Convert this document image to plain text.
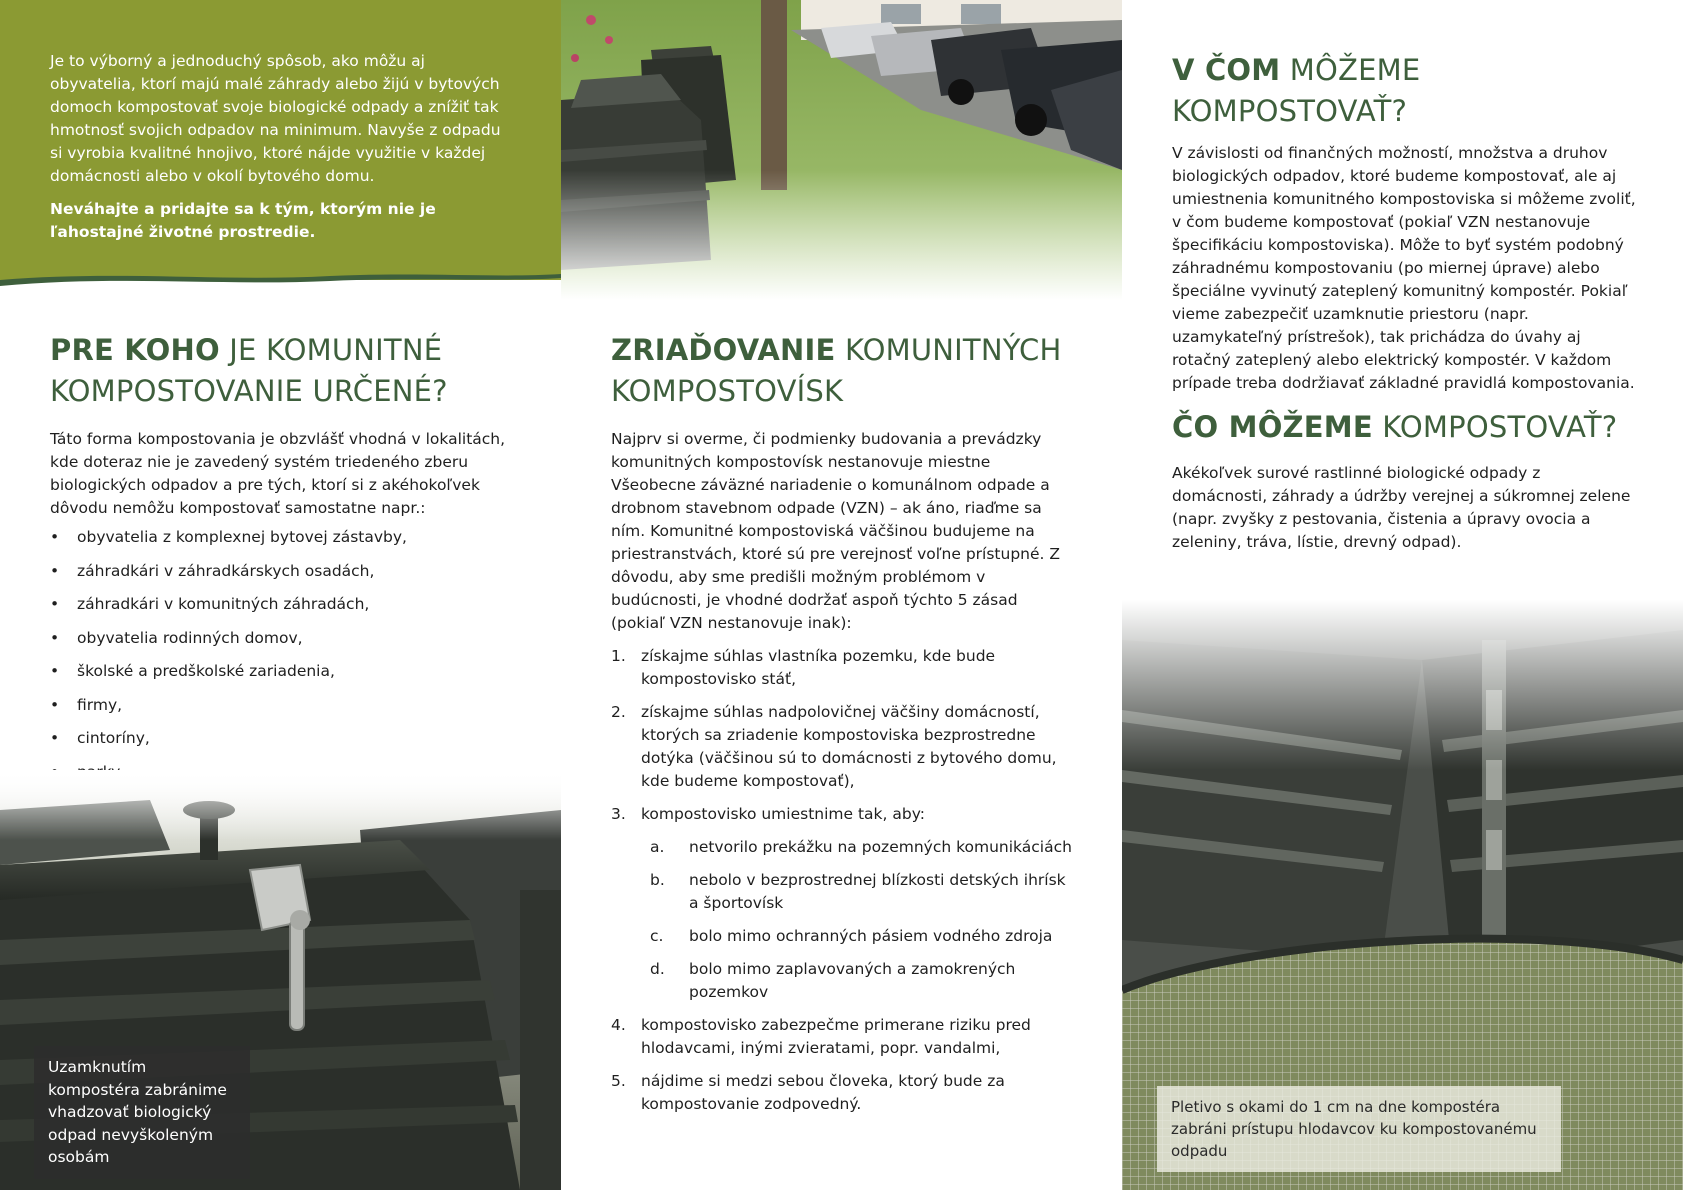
Je to výborný a jednoduchý spôsob, ako môžu aj obyvatelia, ktorí majú malé záhrady alebo žijú v bytových domoch kompostovať svoje biologické odpady a znížiť tak hmotnosť svojich odpadov na minimum. Navyše z odpadu si vyrobia kvalitné hnojivo, ktoré nájde využitie v každej domácnosti alebo v okolí bytového domu.

Neváhajte a pridajte sa k tým, ktorým nie je ľahostajné životné prostredie.

PRE KOHO JE KOMUNITNÉ KOMPOSTOVANIE URČENÉ?

Táto forma kompostovania je obzvlášť vhodná v lokalitách, kde doteraz nie je zavedený systém triedeného zberu biologických odpadov a pre tých, ktorí si z akéhokoľvek dôvodu nemôžu kompostovať samostatne napr.:

• obyvatelia z komplexnej bytovej zástavby,
• záhradkári v záhradkárskych osadách,
• záhradkári v komunitných záhradách,
• obyvatelia rodinných domov,
• školské a predškolské zariadenia,
• firmy,
• cintoríny,
•
Uzamknutím kompostéra zabránime vhadzovať biologický odpad nevyškoleným osobám
ZRIAĎOVANIE KOMUNITNÝCH KOMPOSTOVÍSK

Najprv si overme, či podmienky budovania a prevádzky komunitných kompostovísk nestanovuje miestne Všeobecne záväzné nariadenie o komunálnom odpade a drobnom stavebnom odpade (VZN) – ak áno, riaďme sa ním. Komunitné kompostoviská väčšinou budujeme na priestranstvách, ktoré sú pre verejnosť voľne prístupné. Z dôvodu, aby sme predišli možným problémom v budúcnosti, je vhodné dodržať aspoň týchto 5 zásad (pokiaľ VZN nestanovuje inak):

1. získajme súhlas vlastníka pozemku, kde bude kompostovisko stáť,
2. získajme súhlas nadpolovičnej väčšiny domácností, ktorých sa zriadenie kompostoviska bezprostredne dotýka (väčšinou sú to domácnosti z bytového domu, kde budeme kompostovať),
3. kompostovisko umiestnime tak, aby:
a. netvorilo prekážku na pozemných komunikáciách
b. nebolo v bezprostrednej blízkosti detských ihrísk a športovísk
c. bolo mimo ochranných pásiem vodného zdroja
d. bolo mimo zaplavovaných a zamokrených pozemkov
4. kompostovisko zabezpečme primerane riziku pred hlodavcami, inými zvieratami, popr. vandalmi,
5. nájdime si medzi sebou človeka, ktorý bude za kompostovanie zodpovedný.
V ČOM MÔŽEME KOMPOSTOVAŤ?

V závislosti od finančných možností, množstva a druhov biologických odpadov, ktoré budeme kompostovať, ale aj umiestnenia komunitného kompostoviska si môžeme zvoliť, v čom budeme kompostovať (pokiaľ VZN nestanovuje špecifikáciu kompostoviska). Môže to byť systém podobný záhradnému kompostovaniu (po miernej úprave) alebo špeciálne vyvinutý zateplený komunitný kompostér. Pokiaľ vieme zabezpečiť uzamknutie priestoru (napr. uzamykateľný prístrešok), tak prichádza do úvahy aj rotačný zateplený alebo elektrický kompostér. V každom prípade treba dodržiavať základné pravidlá kompostovania.

ČO MÔŽEME KOMPOSTOVAŤ?

Akékoľvek surové rastlinné biologické odpady z domácnosti, záhrady a údržby verejnej a súkromnej zelene (napr. zvyšky z pestovania, čistenia a úpravy ovocia a zeleniny, tráva, lístie, drevný odpad).

Pletivo s okami do 1 cm na dne kompostéra zabráni prístupu hlodavcov ku kompostovanému odpadu
